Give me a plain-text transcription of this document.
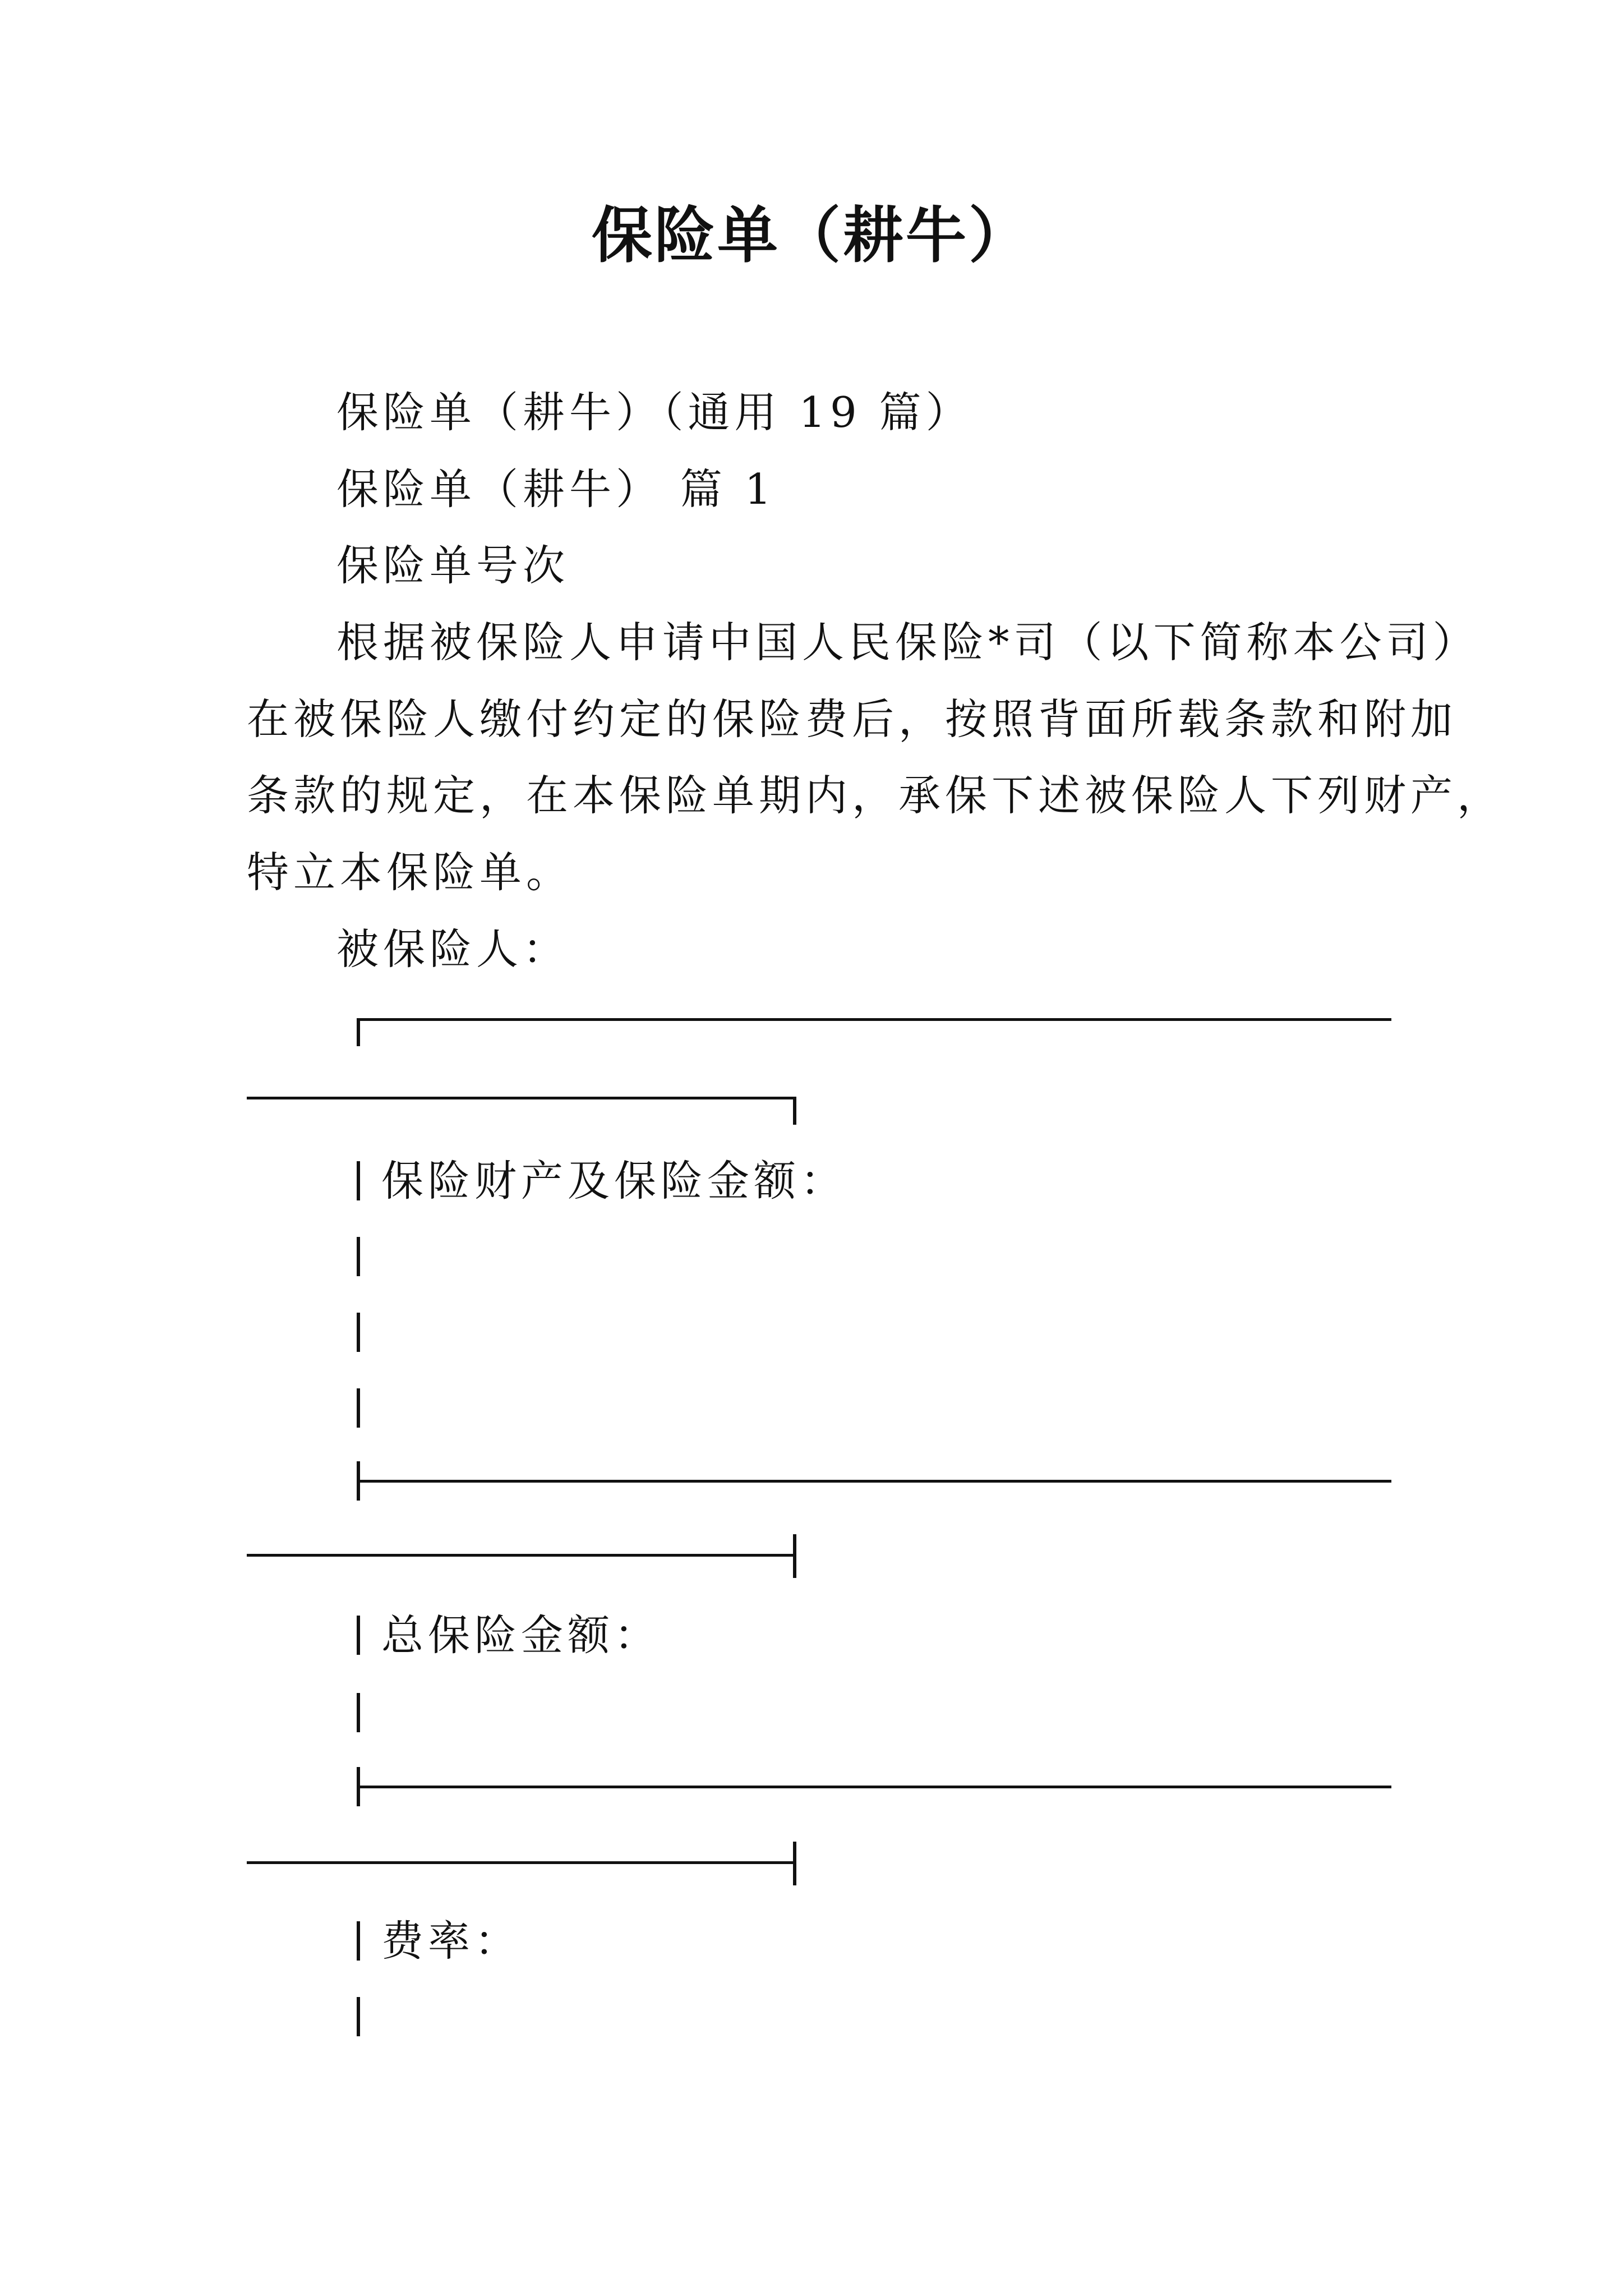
保险单（耕牛）
保险单（耕牛）（通用 19 篇）
保险单（耕牛） 篇 1
保险单号次
根据被保险人申请中国人民保险*司（以下简称本公司）
在被保险人缴付约定的保险费后，按照背面所载条款和附加
条款的规定，在本保险单期内，承保下述被保险人下列财产，
特立本保险单。
被保险人：
保险财产及保险金额：
总保险金额：
费率：
